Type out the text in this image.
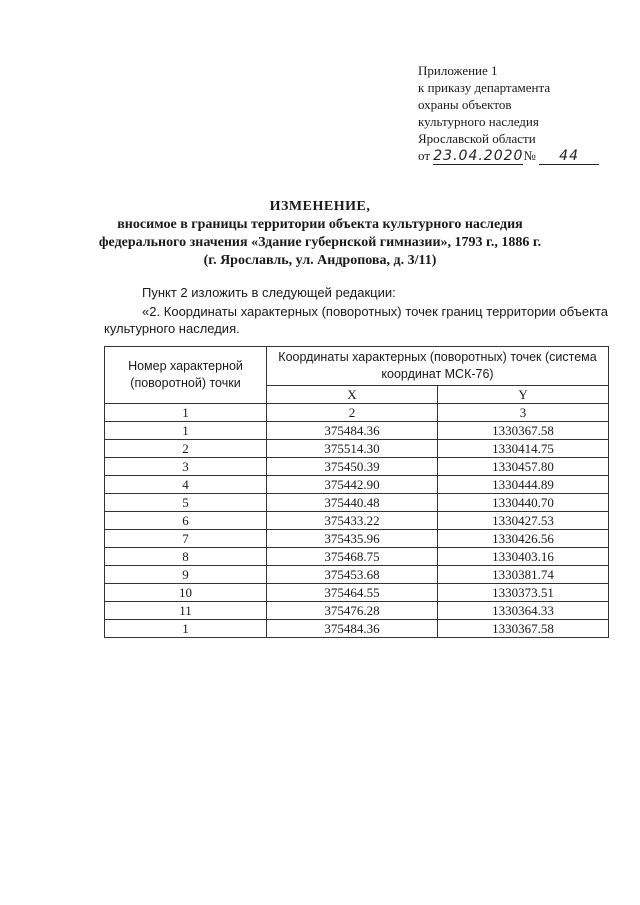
Приложение 1
к приказу департамента
охраны объектов
культурного наследия
Ярославской области
от 23.04.2020№ 44
ИЗМЕНЕНИЕ,
вносимое в границы территории объекта культурного наследия
федерального значения «Здание губернской гимназии», 1793 г., 1886 г.
(г. Ярославль, ул. Андропова, д. 3/11)
Пункт 2 изложить в следующей редакции:
«2. Координаты характерных (поворотных) точек границ территории объекта культурного наследия.
Номер характерной (поворотной) точки	Координаты характерных (поворотных) точек (система координат МСК-76)	
	X	Y
1	2	3
1	375484.36	1330367.58
2	375514.30	1330414.75
3	375450.39	1330457.80
4	375442.90	1330444.89
5	375440.48	1330440.70
6	375433.22	1330427.53
7	375435.96	1330426.56
8	375468.75	1330403.16
9	375453.68	1330381.74
10	375464.55	1330373.51
11	375476.28	1330364.33
1	375484.36	1330367.58
